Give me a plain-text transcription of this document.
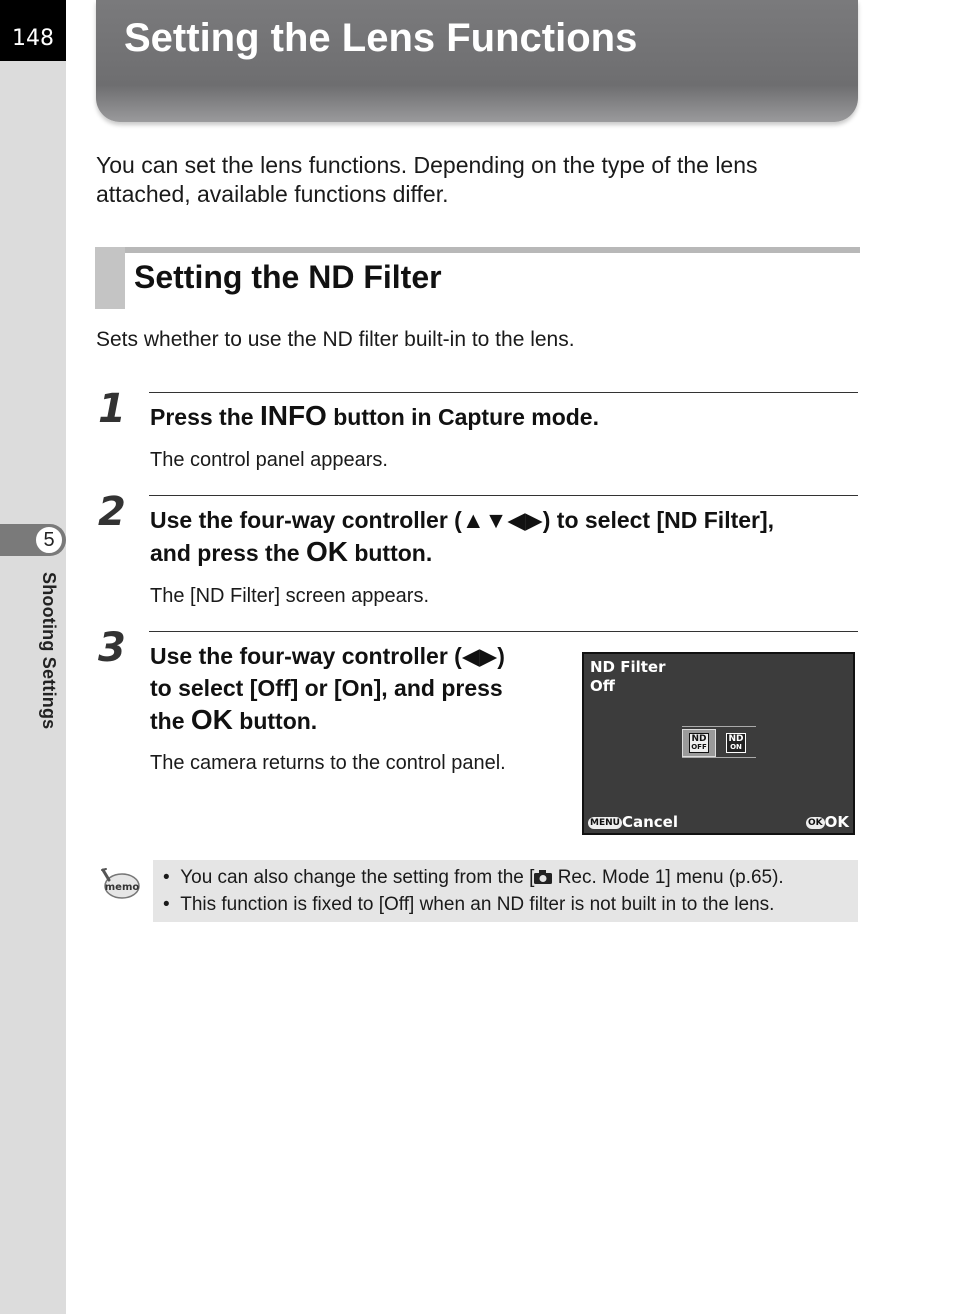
148
5
Shooting Settings
Setting the Lens Functions
You can set the lens functions. Depending on the type of the lens attached, available functions differ.
Setting the ND Filter
Sets whether to use the ND filter built-in to the lens.
1 Press the INFO button in Capture mode.
The control panel appears.
2 Use the four-way controller (▲▼◀▶) to select [ND Filter],
and press the OK button.
The [ND Filter] screen appears.
3 Use the four-way controller (◀▶)
to select [Off] or [On], and press
the OK button.
The camera returns to the control panel.
ND Filter
Off
ND
OFF
ND
ON
MENU Cancel	OK OK
memo •  You can also change the setting from the [ Rec. Mode 1] menu (p.65).
•  This function is fixed to [Off] when an ND filter is not built in to the lens.
